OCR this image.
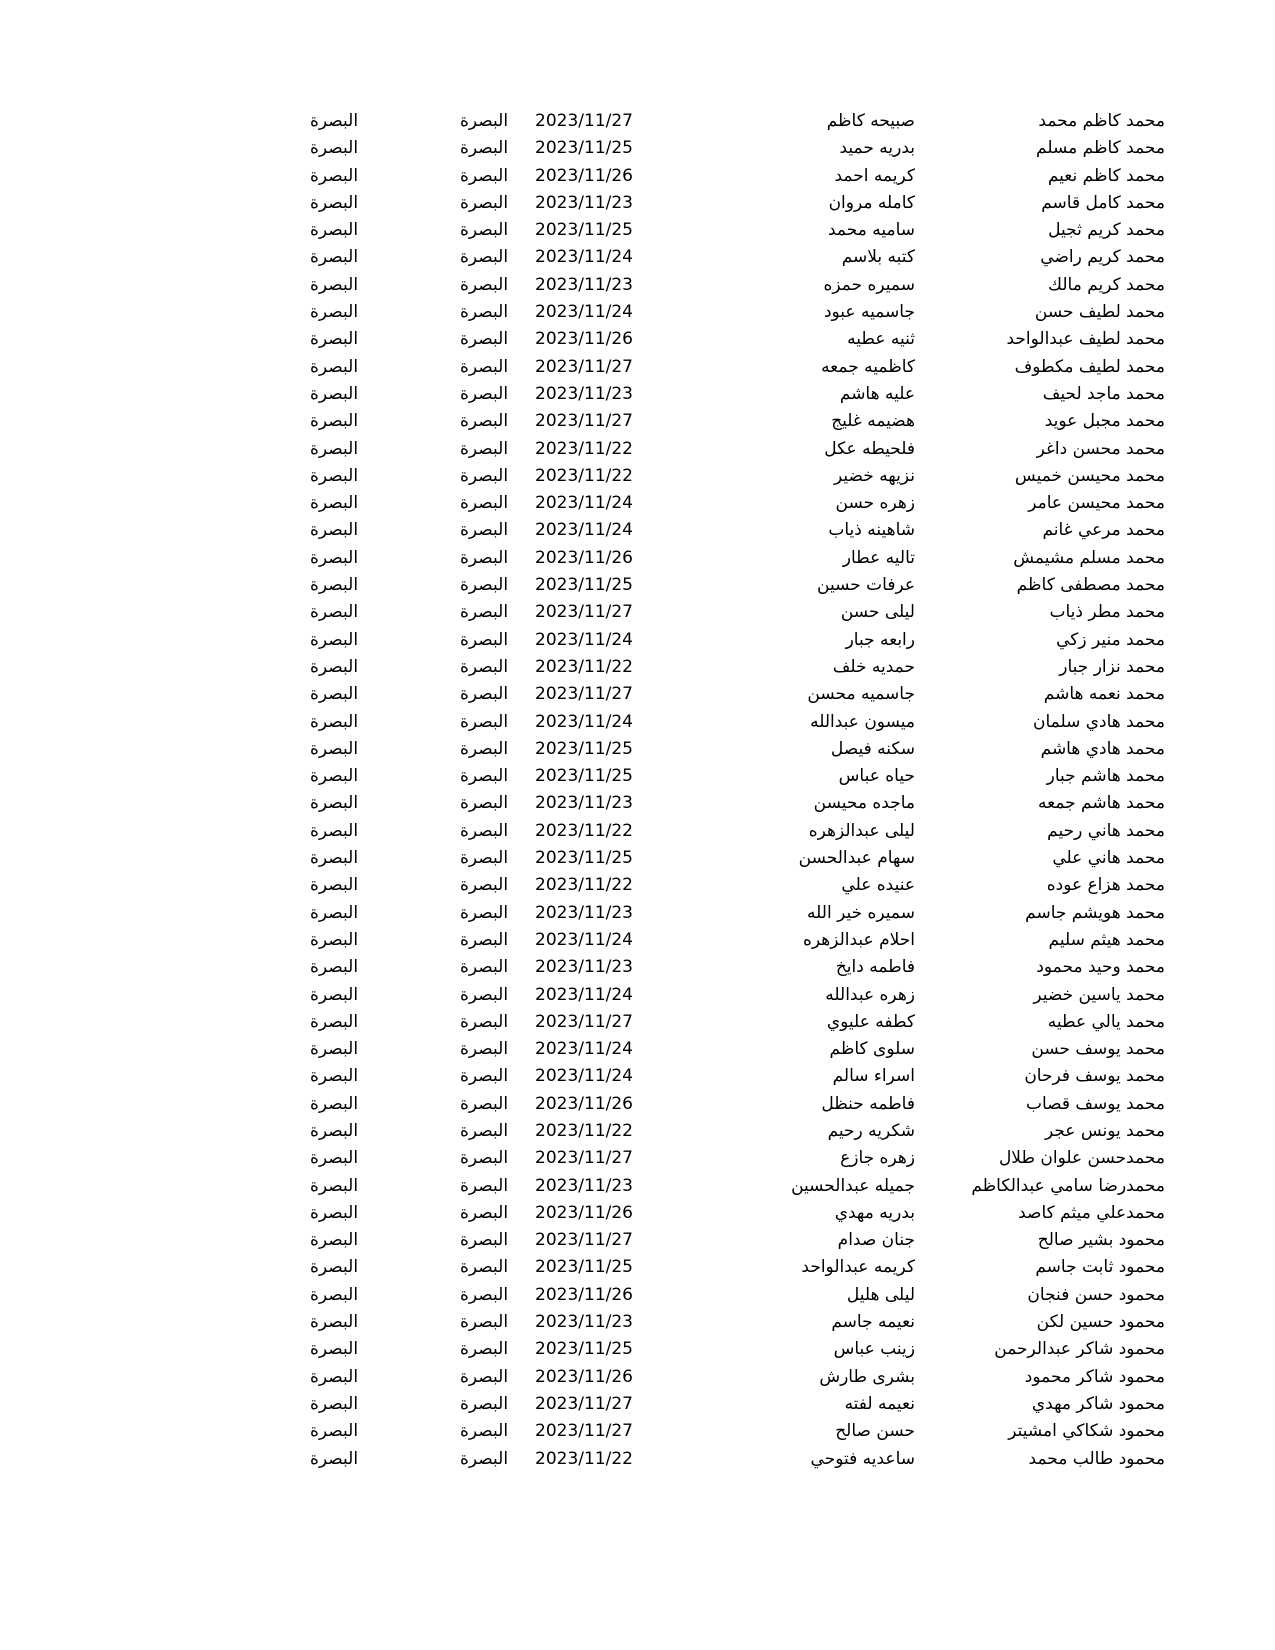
محمد كاظم محمد
صبيحه كاظم
2023/11/27
البصرة
البصرة
محمد كاظم مسلم
بدريه حميد
2023/11/25
البصرة
البصرة
محمد كاظم نعيم
كريمه احمد
2023/11/26
البصرة
البصرة
محمد كامل قاسم
كامله مروان
2023/11/23
البصرة
البصرة
محمد كريم ثجيل
ساميه محمد
2023/11/25
البصرة
البصرة
محمد كريم راضي
كتبه بلاسم
2023/11/24
البصرة
البصرة
محمد كريم مالك
سميره حمزه
2023/11/23
البصرة
البصرة
محمد لطيف حسن
جاسميه عبود
2023/11/24
البصرة
البصرة
محمد لطيف عبدالواحد
ثنيه عطيه
2023/11/26
البصرة
البصرة
محمد لطيف مكطوف
كاظميه جمعه
2023/11/27
البصرة
البصرة
محمد ماجد لحيف
عليه هاشم
2023/11/23
البصرة
البصرة
محمد مجبل عويد
هضيمه غليج
2023/11/27
البصرة
البصرة
محمد محسن داغر
فلحيطه عكل
2023/11/22
البصرة
البصرة
محمد محيسن خميس
نزيهه خضير
2023/11/22
البصرة
البصرة
محمد محيسن عامر
زهره حسن
2023/11/24
البصرة
البصرة
محمد مرعي غانم
شاهينه ذياب
2023/11/24
البصرة
البصرة
محمد مسلم مشيمش
تاليه عطار
2023/11/26
البصرة
البصرة
محمد مصطفى كاظم
عرفات حسين
2023/11/25
البصرة
البصرة
محمد مطر ذياب
ليلى حسن
2023/11/27
البصرة
البصرة
محمد منير زكي
رابعه جبار
2023/11/24
البصرة
البصرة
محمد نزار جبار
حمديه خلف
2023/11/22
البصرة
البصرة
محمد نعمه هاشم
جاسميه محسن
2023/11/27
البصرة
البصرة
محمد هادي سلمان
ميسون عبدالله
2023/11/24
البصرة
البصرة
محمد هادي هاشم
سكنه فيصل
2023/11/25
البصرة
البصرة
محمد هاشم جبار
حياه عباس
2023/11/25
البصرة
البصرة
محمد هاشم جمعه
ماجده محيسن
2023/11/23
البصرة
البصرة
محمد هاني رحيم
ليلى عبدالزهره
2023/11/22
البصرة
البصرة
محمد هاني علي
سهام عبدالحسن
2023/11/25
البصرة
البصرة
محمد هزاع عوده
عنيده علي
2023/11/22
البصرة
البصرة
محمد هويشم جاسم
سميره خير الله
2023/11/23
البصرة
البصرة
محمد هيثم سليم
احلام عبدالزهره
2023/11/24
البصرة
البصرة
محمد وحيد محمود
فاطمه دايخ
2023/11/23
البصرة
البصرة
محمد ياسين خضير
زهره عبدالله
2023/11/24
البصرة
البصرة
محمد يالي عطيه
كطفه عليوي
2023/11/27
البصرة
البصرة
محمد يوسف حسن
سلوى كاظم
2023/11/24
البصرة
البصرة
محمد يوسف فرحان
اسراء سالم
2023/11/24
البصرة
البصرة
محمد يوسف قصاب
فاطمه حنظل
2023/11/26
البصرة
البصرة
محمد يونس عجر
شكريه رحيم
2023/11/22
البصرة
البصرة
محمدحسن علوان طلال
زهره جازع
2023/11/27
البصرة
البصرة
محمدرضا سامي عبدالكاظم
جميله عبدالحسين
2023/11/23
البصرة
البصرة
محمدعلي ميثم كاصد
بدريه مهدي
2023/11/26
البصرة
البصرة
محمود بشير صالح
جنان صدام
2023/11/27
البصرة
البصرة
محمود ثابت جاسم
كريمه عبدالواحد
2023/11/25
البصرة
البصرة
محمود حسن فنجان
ليلى هليل
2023/11/26
البصرة
البصرة
محمود حسين لكن
نعيمه جاسم
2023/11/23
البصرة
البصرة
محمود شاكر عبدالرحمن
زينب عباس
2023/11/25
البصرة
البصرة
محمود شاكر محمود
بشرى طارش
2023/11/26
البصرة
البصرة
محمود شاكر مهدي
نعيمه لفته
2023/11/27
البصرة
البصرة
محمود شكاكي امشيتر
حسن صالح
2023/11/27
البصرة
البصرة
محمود طالب محمد
ساعديه فتوحي
2023/11/22
البصرة
البصرة
